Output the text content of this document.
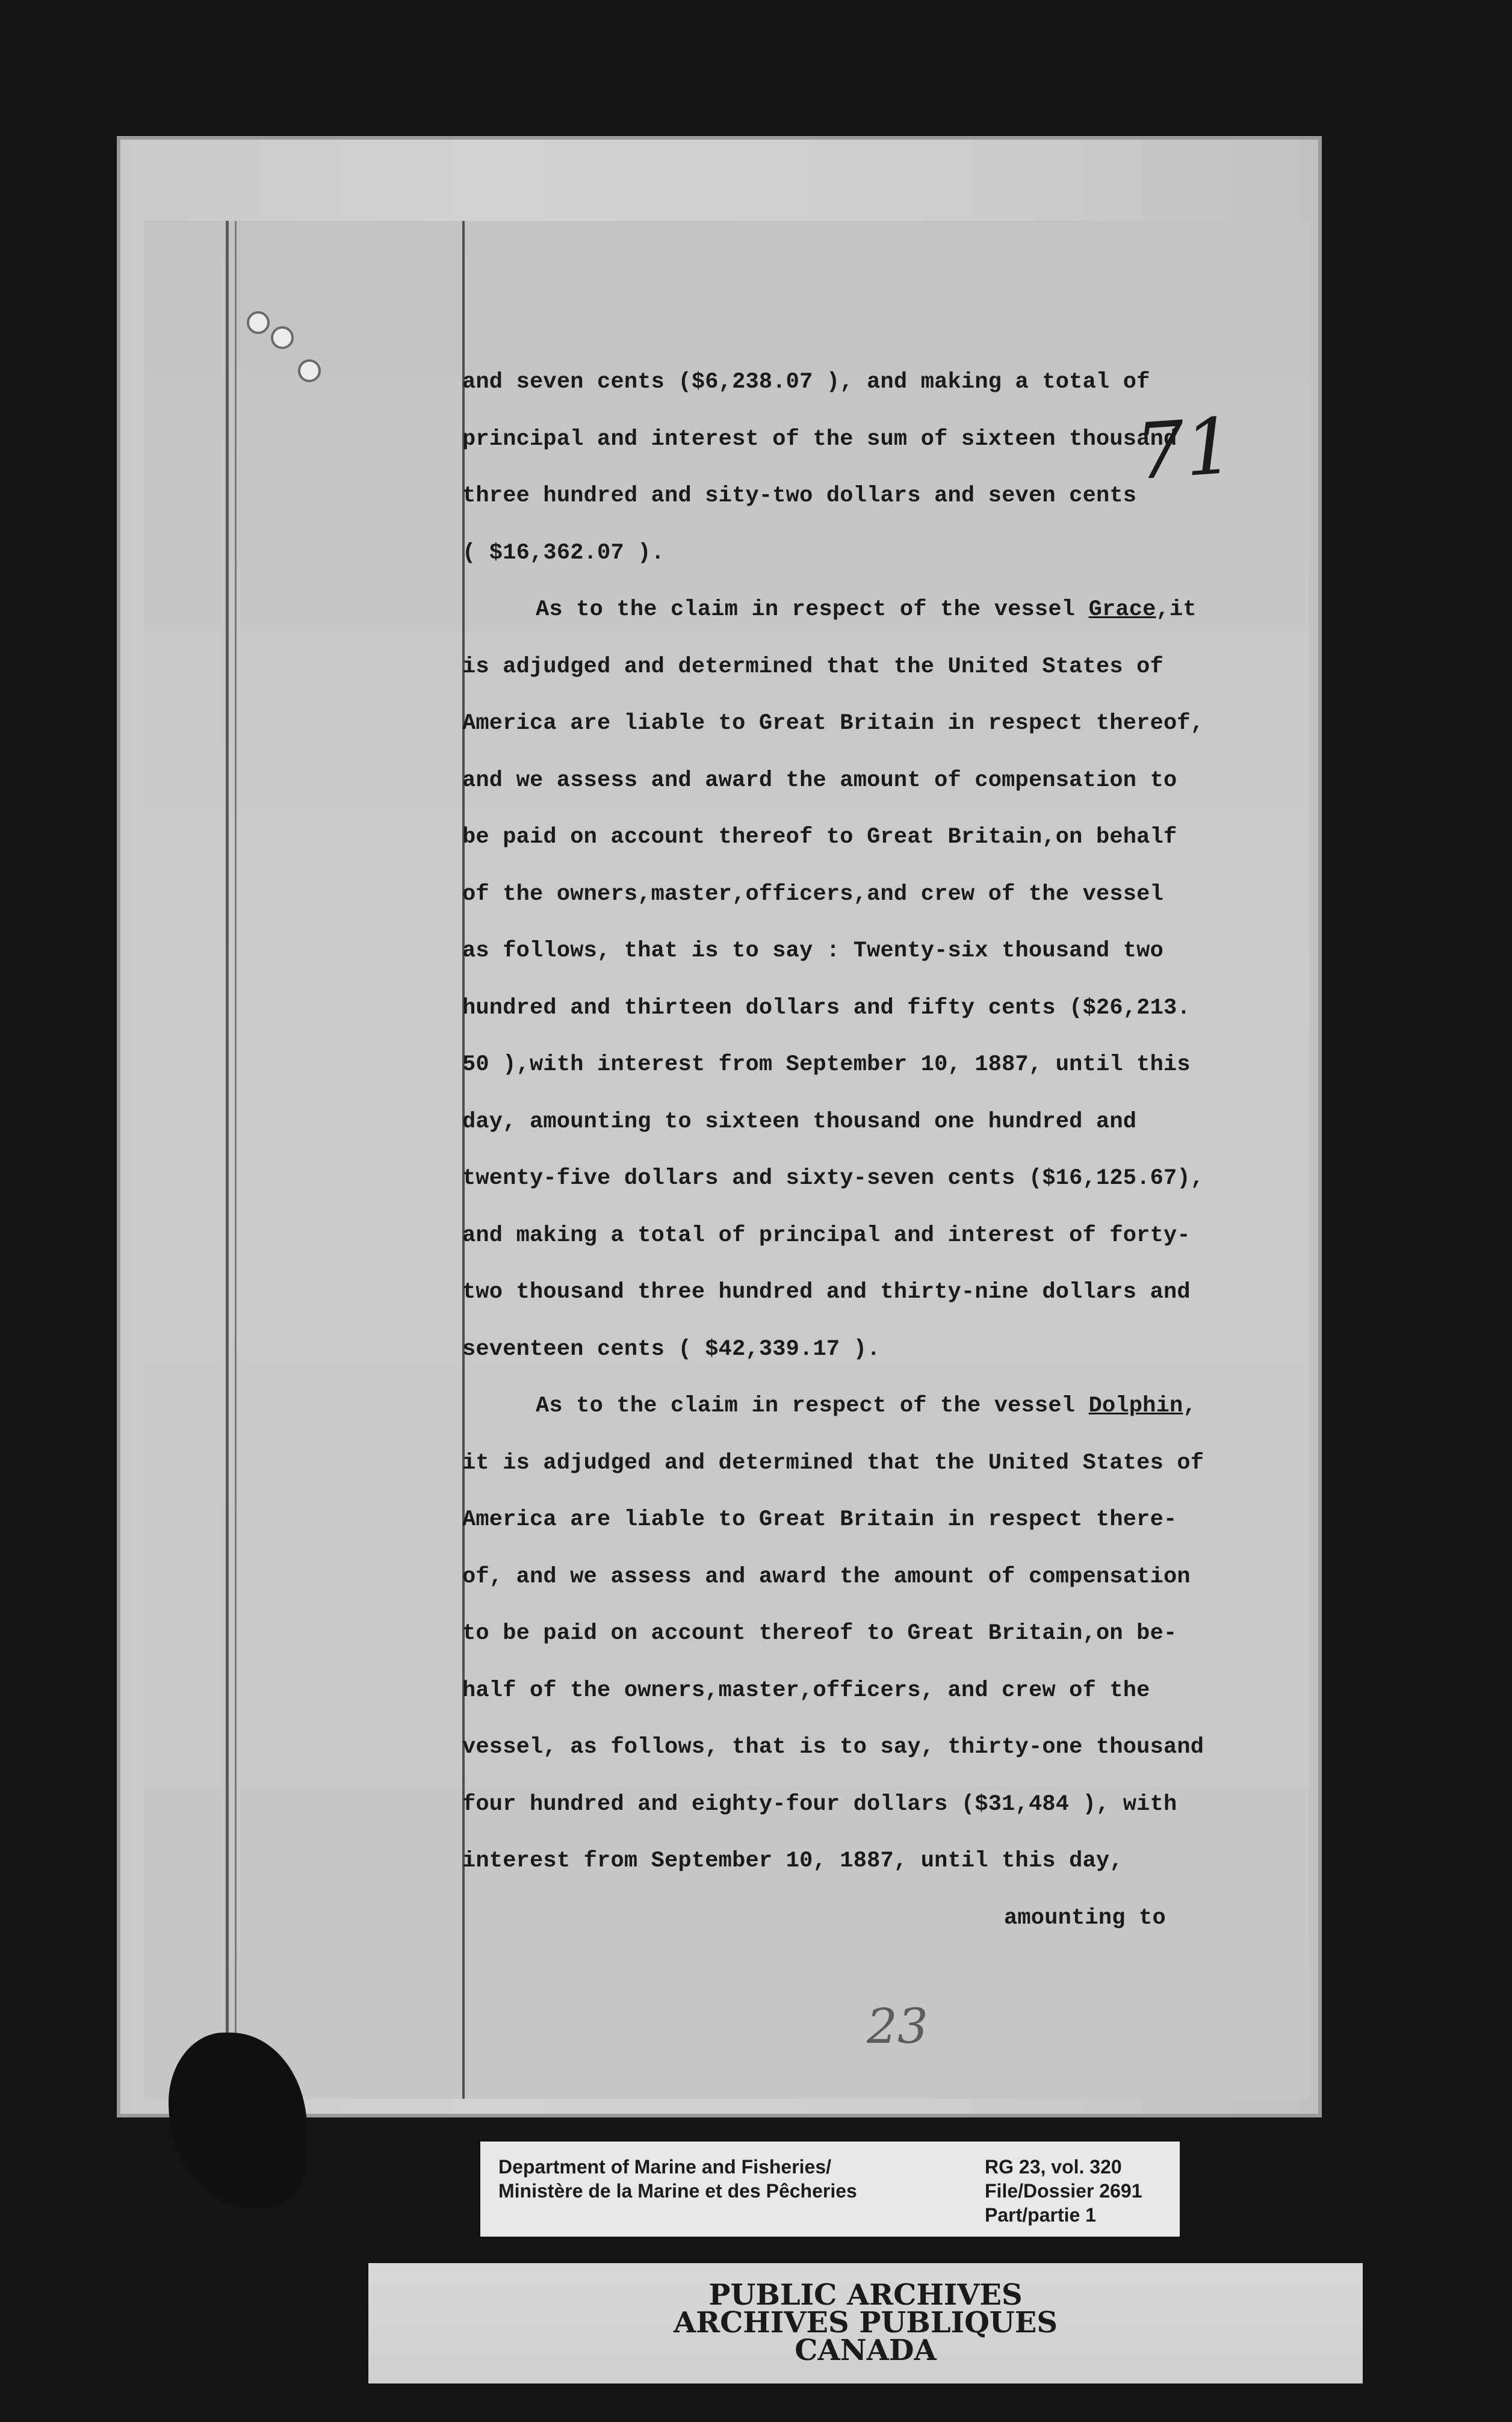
71
and seven cents ($6,238.07 ), and making a total of
principal and interest of the sum of sixteen thousand
three hundred and sity-two dollars and seven cents
( $16,362.07 ).
As to the claim in respect of the vessel Grace,it
is adjudged and determined that the United States of
America are liable to Great Britain in respect thereof,
and we assess and award the amount of compensation to
be paid on account thereof to Great Britain,on behalf
of the owners,master,officers,and crew of the vessel
as follows, that is to say : Twenty-six thousand two
hundred and thirteen dollars and fifty cents ($26,213.
50 ),with interest from September 10, 1887, until this
day, amounting to sixteen thousand one hundred and
twenty-five dollars and sixty-seven cents ($16,125.67),
and making a total of principal and interest of forty-
two thousand three hundred and thirty-nine dollars and
seventeen cents ( $42,339.17 ).
As to the claim in respect of the vessel Dolphin,
it is adjudged and determined that the United States of
America are liable to Great Britain in respect there-
of, and we assess and award the amount of compensation
to be paid on account thereof to Great Britain,on be-
half of the owners,master,officers, and crew of the
vessel, as follows, that is to say, thirty-one thousand
four hundred and eighty-four dollars ($31,484 ), with
interest from September 10, 1887, until this day,
amounting to
23
Department of Marine and Fisheries/
Ministère de la Marine et des Pêcheries
RG 23, vol. 320
File/Dossier 2691
Part/partie 1
PUBLIC ARCHIVES
ARCHIVES PUBLIQUES
CANADA
